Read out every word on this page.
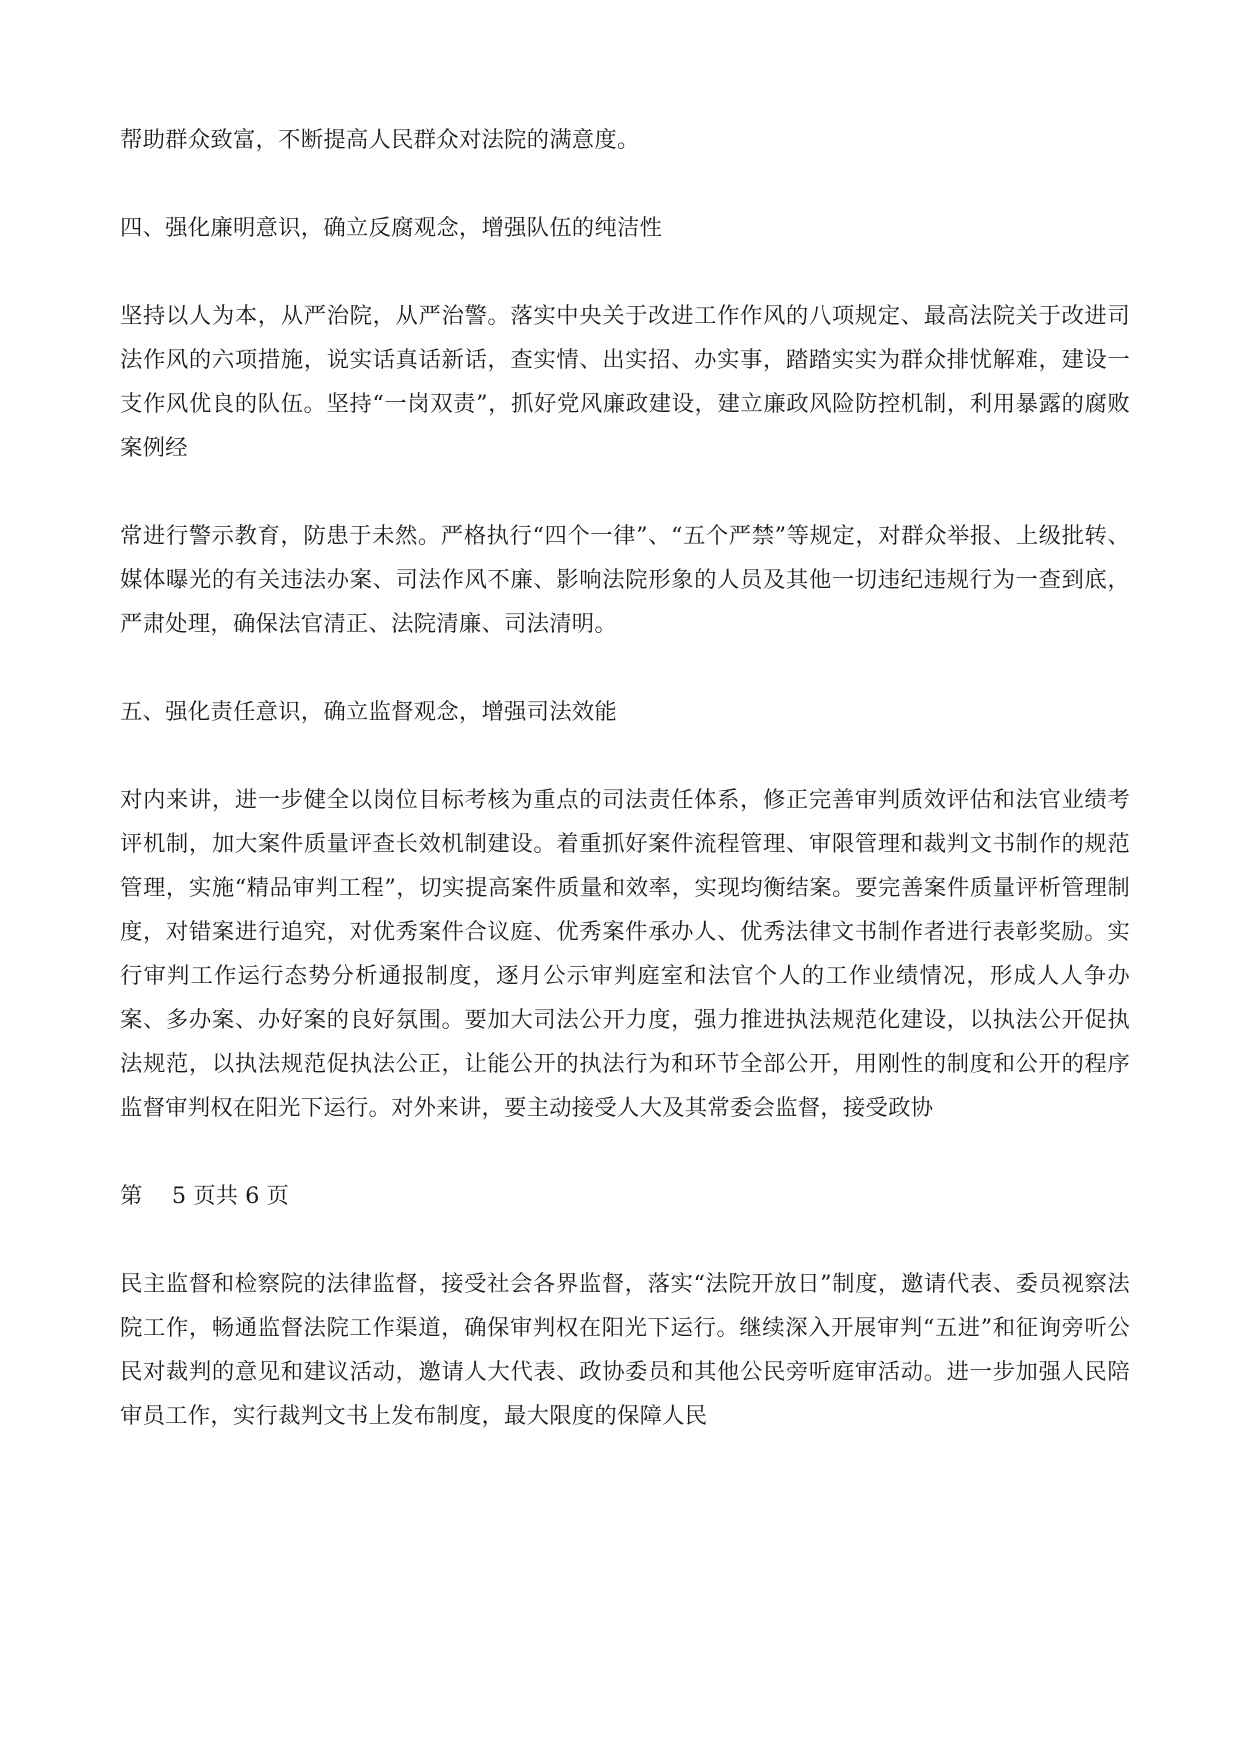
帮助群众致富，不断提高人民群众对法院的满意度。

四、强化廉明意识，确立反腐观念，增强队伍的纯洁性

坚持以人为本，从严治院，从严治警。落实中央关于改进工作作风的八项规定、最高法院关于改进司法作风的六项措施，说实话真话新话，查实情、出实招、办实事，踏踏实实为群众排忧解难，建设一支作风优良的队伍。坚持“一岗双责”，抓好党风廉政建设，建立廉政风险防控机制，利用暴露的腐败案例经

常进行警示教育，防患于未然。严格执行“四个一律”、“五个严禁”等规定，对群众举报、上级批转、媒体曝光的有关违法办案、司法作风不廉、影响法院形象的人员及其他一切违纪违规行为一查到底，严肃处理，确保法官清正、法院清廉、司法清明。

五、强化责任意识，确立监督观念，增强司法效能

对内来讲，进一步健全以岗位目标考核为重点的司法责任体系，修正完善审判质效评估和法官业绩考评机制，加大案件质量评查长效机制建设。着重抓好案件流程管理、审限管理和裁判文书制作的规范管理，实施“精品审判工程”，切实提高案件质量和效率，实现均衡结案。要完善案件质量评析管理制度，对错案进行追究，对优秀案件合议庭、优秀案件承办人、优秀法律文书制作者进行表彰奖励。实行审判工作运行态势分析通报制度，逐月公示审判庭室和法官个人的工作业绩情况，形成人人争办案、多办案、办好案的良好氛围。要加大司法公开力度，强力推进执法规范化建设，以执法公开促执法规范，以执法规范促执法公正，让能公开的执法行为和环节全部公开，用刚性的制度和公开的程序监督审判权在阳光下运行。对外来讲，要主动接受人大及其常委会监督，接受政协

第　 5 页共 6 页

民主监督和检察院的法律监督，接受社会各界监督，落实“法院开放日”制度，邀请代表、委员视察法院工作，畅通监督法院工作渠道，确保审判权在阳光下运行。继续深入开展审判“五进”和征询旁听公民对裁判的意见和建议活动，邀请人大代表、政协委员和其他公民旁听庭审活动。进一步加强人民陪审员工作，实行裁判文书上发布制度，最大限度的保障人民
